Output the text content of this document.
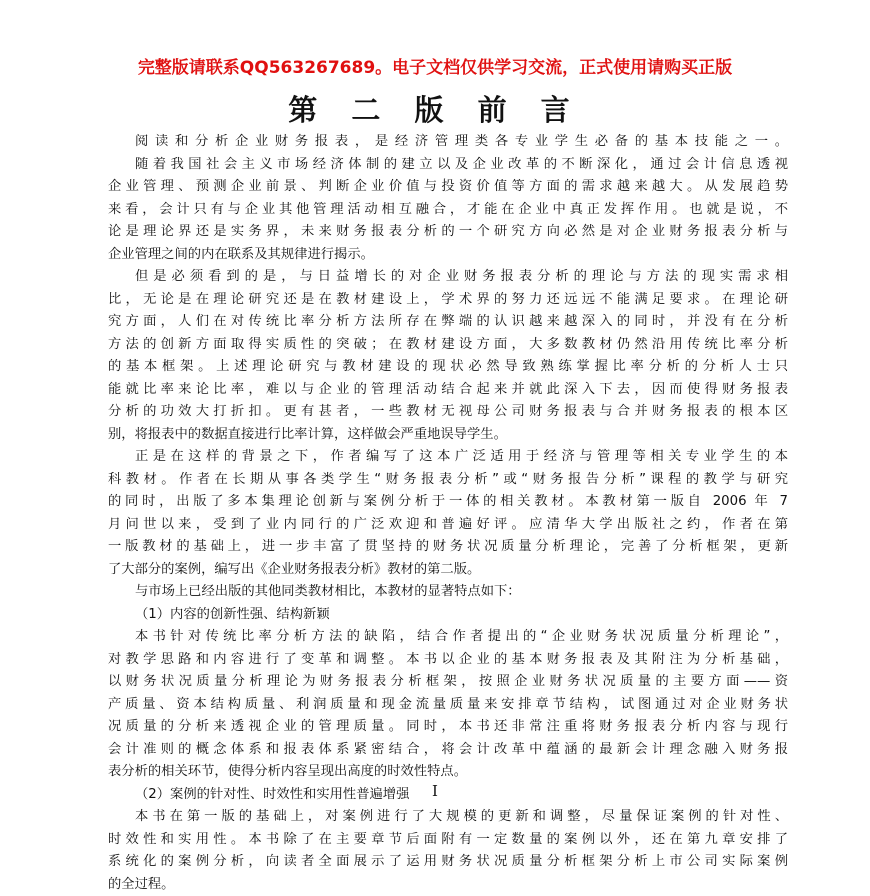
完整版请联系QQ563267689。电子文档仅供学习交流，正式使用请购买正版
第 二 版 前 言
阅读和分析企业财务报表，是经济管理类各专业学生必备的基本技能之一。
随着我国社会主义市场经济体制的建立以及企业改革的不断深化，通过会计信息透视
企业管理、预测企业前景、判断企业价值与投资价值等方面的需求越来越大。从发展趋势
来看，会计只有与企业其他管理活动相互融合，才能在企业中真正发挥作用。也就是说，不
论是理论界还是实务界，未来财务报表分析的一个研究方向必然是对企业财务报表分析与
企业管理之间的内在联系及其规律进行揭示。
但是必须看到的是，与日益增长的对企业财务报表分析的理论与方法的现实需求相
比，无论是在理论研究还是在教材建设上，学术界的努力还远远不能满足要求。在理论研
究方面，人们在对传统比率分析方法所存在弊端的认识越来越深入的同时，并没有在分析
方法的创新方面取得实质性的突破；在教材建设方面，大多数教材仍然沿用传统比率分析
的基本框架。上述理论研究与教材建设的现状必然导致熟练掌握比率分析的分析人士只
能就比率来论比率，难以与企业的管理活动结合起来并就此深入下去，因而使得财务报表
分析的功效大打折扣。更有甚者，一些教材无视母公司财务报表与合并财务报表的根本区
别，将报表中的数据直接进行比率计算，这样做会严重地误导学生。
正是在这样的背景之下，作者编写了这本广泛适用于经济与管理等相关专业学生的本
科教材。作者在长期从事各类学生“财务报表分析”或“财务报告分析”课程的教学与研究
的同时，出版了多本集理论创新与案例分析于一体的相关教材。本教材第一版自 2006 年 7
月问世以来，受到了业内同行的广泛欢迎和普遍好评。应清华大学出版社之约，作者在第
一版教材的基础上，进一步丰富了贯坚持的财务状况质量分析理论，完善了分析框架，更新
了大部分的案例，编写出《企业财务报表分析》教材的第二版。
与市场上已经出版的其他同类教材相比，本教材的显著特点如下：
（1）内容的创新性强、结构新颖
本书针对传统比率分析方法的缺陷，结合作者提出的“企业财务状况质量分析理论”，
对教学思路和内容进行了变革和调整。本书以企业的基本财务报表及其附注为分析基础，
以财务状况质量分析理论为财务报表分析框架，按照企业财务状况质量的主要方面——资
产质量、资本结构质量、利润质量和现金流量质量来安排章节结构，试图通过对企业财务状
况质量的分析来透视企业的管理质量。同时，本书还非常注重将财务报表分析内容与现行
会计准则的概念体系和报表体系紧密结合，将会计改革中蕴涵的最新会计理念融入财务报
表分析的相关环节，使得分析内容呈现出高度的时效性特点。
（2）案例的针对性、时效性和实用性普遍增强
本书在第一版的基础上，对案例进行了大规模的更新和调整，尽量保证案例的针对性、
时效性和实用性。本书除了在主要章节后面附有一定数量的案例以外，还在第九章安排了
系统化的案例分析，向读者全面展示了运用财务状况质量分析框架分析上市公司实际案例
的全过程。
I
